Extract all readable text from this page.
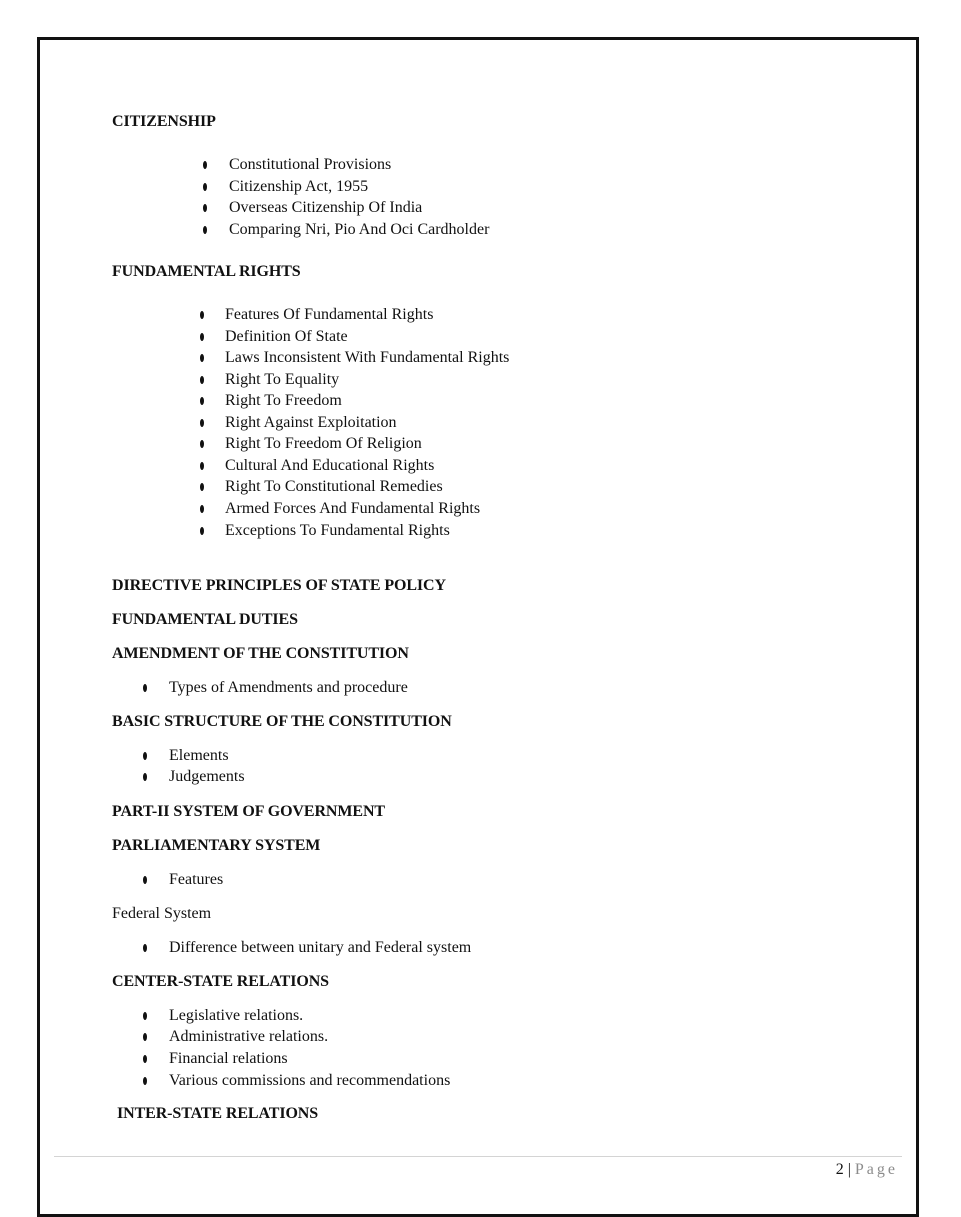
CITIZENSHIP
Constitutional Provisions
Citizenship Act, 1955
Overseas Citizenship Of India
Comparing Nri, Pio And Oci Cardholder
FUNDAMENTAL RIGHTS
Features Of Fundamental Rights
Definition Of State
Laws Inconsistent With Fundamental Rights
Right To Equality
Right To Freedom
Right Against Exploitation
Right To Freedom Of Religion
Cultural And Educational Rights
Right To Constitutional Remedies
Armed Forces And Fundamental Rights
Exceptions To Fundamental Rights
DIRECTIVE PRINCIPLES OF STATE POLICY
FUNDAMENTAL DUTIES
AMENDMENT OF THE CONSTITUTION
Types of Amendments and procedure
BASIC STRUCTURE OF THE CONSTITUTION
Elements
Judgements
PART-II SYSTEM OF GOVERNMENT
PARLIAMENTARY SYSTEM
Features
Federal System
Difference between unitary and Federal system
CENTER-STATE RELATIONS
Legislative relations.
Administrative relations.
Financial relations
Various commissions and recommendations
INTER-STATE RELATIONS
2 | Page
